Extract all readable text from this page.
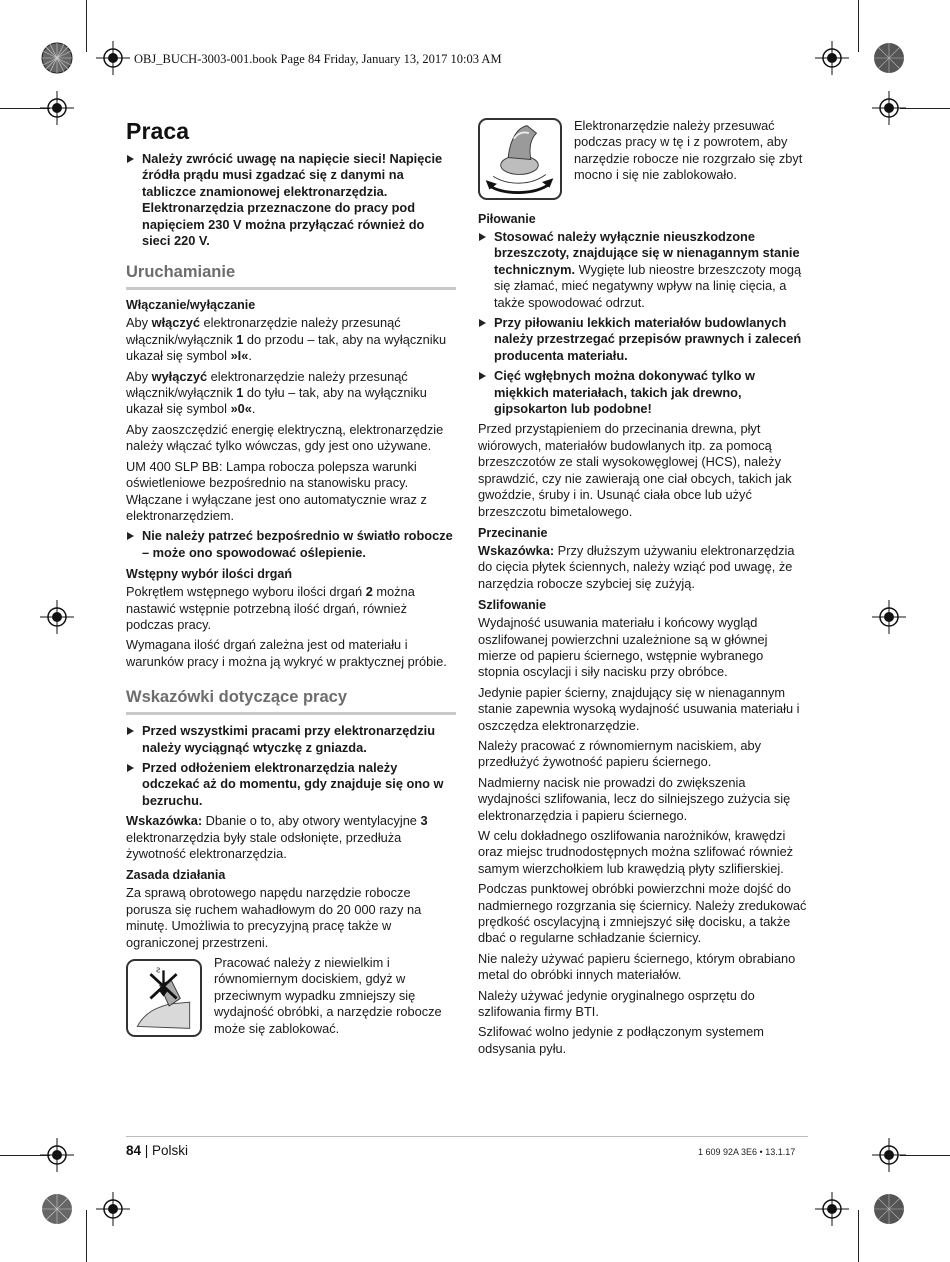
OBJ_BUCH-3003-001.book Page 84 Friday, January 13, 2017 10:03 AM
Praca
Należy zwrócić uwagę na napięcie sieci! Napięcie źródła prądu musi zgadzać się z danymi na tabliczce znamionowej elektronarzędzia. Elektronarzędzia przeznaczone do pracy pod napięciem 230 V można przyłączać również do sieci 220 V.
Uruchamianie
Włączanie/wyłączanie

Aby włączyć elektronarzędzie należy przesunąć włącznik/wyłącznik 1 do przodu – tak, aby na wyłączniku ukazał się symbol »I«.

Aby wyłączyć elektronarzędzie należy przesunąć włącznik/wyłącznik 1 do tyłu – tak, aby na wyłączniku ukazał się symbol »0«.

Aby zaoszczędzić energię elektryczną, elektronarzędzie należy włączać tylko wówczas, gdy jest ono używane.

UM 400 SLP BB: Lampa robocza polepsza warunki oświetleniowe bezpośrednio na stanowisku pracy. Włączane i wyłączane jest ono automatycznie wraz z elektronarzędziem.

Nie należy patrzeć bezpośrednio w światło robocze – może ono spowodować oślepienie.
Wstępny wybór ilości drgań

Pokrętłem wstępnego wyboru ilości drgań 2 można nastawić wstępnie potrzebną ilość drgań, również podczas pracy.

Wymagana ilość drgań zależna jest od materiału i warunków pracy i można ją wykryć w praktycznej próbie.

Wskazówki dotyczące pracy
Przed wszystkimi pracami przy elektronarzędziu należy wyciągnąć wtyczkę z gniazda.
Przed odłożeniem elektronarzędzia należy odczekać aż do momentu, gdy znajduje się ono w bezruchu.

Wskazówka: Dbanie o to, aby otwory wentylacyjne 3 elektronarzędzia były stale odsłonięte, przedłuża żywotność elektronarzędzia.

Zasada działania

Za sprawą obrotowego napędu narzędzie robocze porusza się ruchem wahadłowym do 20 000 razy na minutę. Umożliwia to precyzyjną pracę także w ograniczonej przestrzeni.

ƨ	Pracować należy z niewielkim i równomiernym dociskiem, gdyż w przeciwnym wypadku zmniejszy się wydajność obróbki, a narzędzie robocze może się zablokować.

Elektronarzędzie należy przesuwać podczas pracy w tę i z powrotem, aby narzędzie robocze nie rozgrzało się zbyt mocno i się nie zablokowało.

Piłowanie
Stosować należy wyłącznie nieuszkodzone brzeszczoty, znajdujące się w nienagannym stanie technicznym. Wygięte lub nieostre brzeszczoty mogą się złamać, mieć negatywny wpływ na linię cięcia, a także spowodować odrzut.
Przy piłowaniu lekkich materiałów budowlanych należy przestrzegać przepisów prawnych i zaleceń producenta materiału.
Cięć wgłębnych można dokonywać tylko w miękkich materiałach, takich jak drewno, gipsokarton lub podobne!

Przed przystąpieniem do przecinania drewna, płyt wiórowych, materiałów budowlanych itp. za pomocą brzeszczotów ze stali wysokowęglowej (HCS), należy sprawdzić, czy nie zawierają one ciał obcych, takich jak gwoździe, śruby i in. Usunąć ciała obce lub użyć brzeszczotu bimetalowego.

Przecinanie

Wskazówka: Przy dłuższym używaniu elektronarzędzia do cięcia płytek ściennych, należy wziąć pod uwagę, że narzędzia robocze szybciej się zużyją.

Szlifowanie

Wydajność usuwania materiału i końcowy wygląd oszlifowanej powierzchni uzależnione są w głównej mierze od papieru ściernego, wstępnie wybranego stopnia oscylacji i siły nacisku przy obróbce.

Jedynie papier ścierny, znajdujący się w nienagannym stanie zapewnia wysoką wydajność usuwania materiału i oszczędza elektronarzędzie.

Należy pracować z równomiernym naciskiem, aby przedłużyć żywotność papieru ściernego.

Nadmierny nacisk nie prowadzi do zwiększenia wydajności szlifowania, lecz do silniejszego zużycia się elektronarzędzia i papieru ściernego.

W celu dokładnego oszlifowania narożników, krawędzi oraz miejsc trudnodostępnych można szlifować również samym wierzchołkiem lub krawędzią płyty szlifierskiej.

Podczas punktowej obróbki powierzchni może dojść do nadmiernego rozgrzania się ściernicy. Należy zredukować prędkość oscylacyjną i zmniejszyć siłę docisku, a także dbać o regularne schładzanie ściernicy.

Nie należy używać papieru ściernego, którym obrabiano metal do obróbki innych materiałów.

Należy używać jedynie oryginalnego osprzętu do szlifowania firmy BTI.

Szlifować wolno jedynie z podłączonym systemem odsysania pyłu.

84 | Polski	1 609 92A 3E6 • 13.1.17
